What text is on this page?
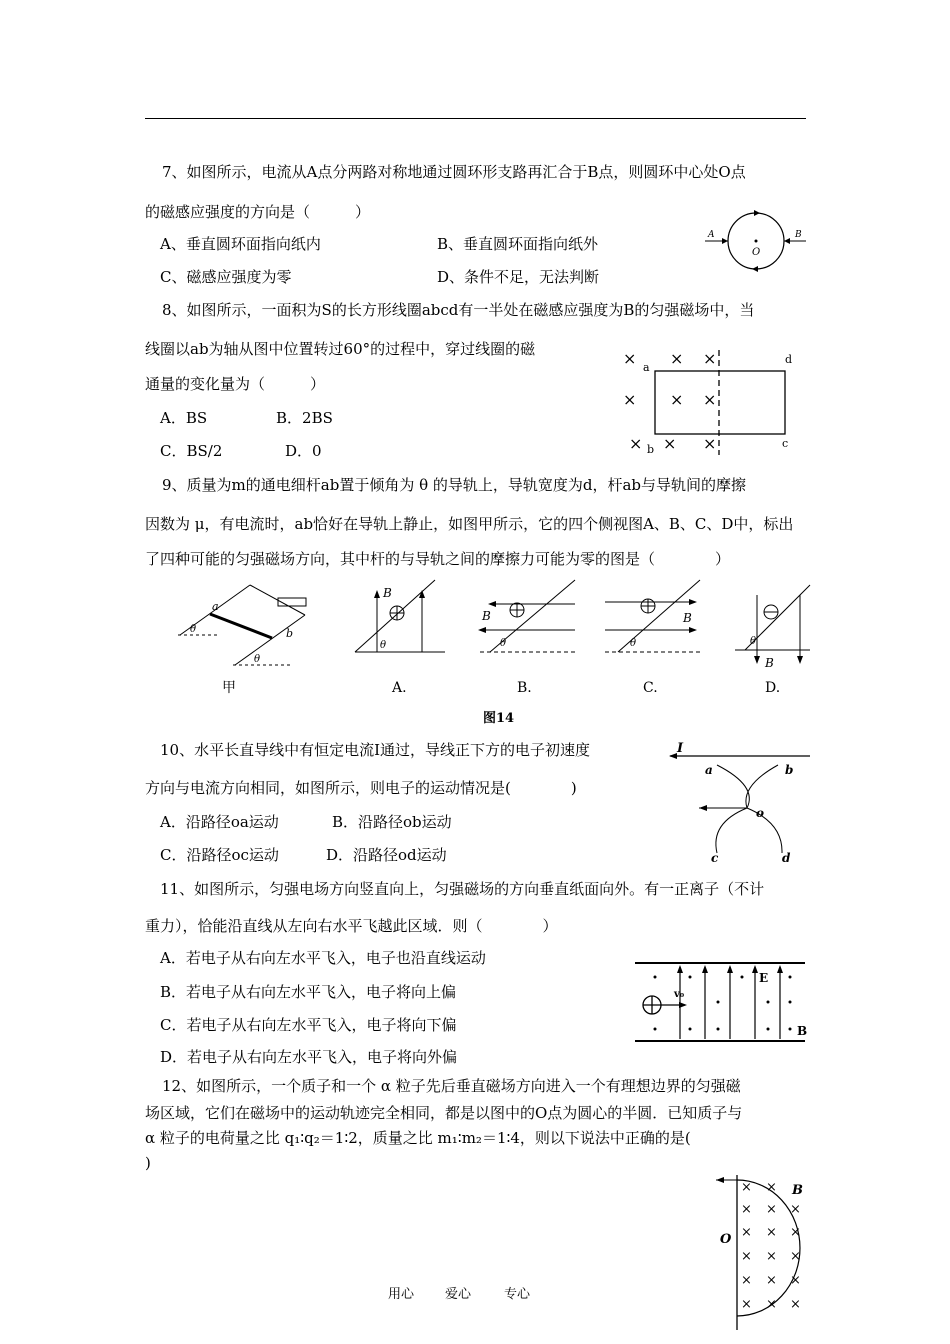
7、如图所示，电流从A点分两路对称地通过圆环形支路再汇合于B点，则圆环中心处O点
的磁感应强度的方向是（　　　）
A、垂直圆环面指向纸内	B、垂直圆环面指向纸外
C、磁感应强度为零	D、条件不足，无法判断
A	B
O
8、如图所示，一面积为S的长方形线圈abcd有一半处在磁感应强度为B的匀强磁场中，当
线圈以ab为轴从图中位置转过60°的过程中，穿过线圈的磁
通量的变化量为（　　　）
A．BS	B．2BS
C．BS/2	D．0
× × ×
× × ×
× × ×
a
b	c
d
9、质量为m的通电细杆ab置于倾角为 θ 的导轨上，导轨宽度为d，杆ab与导轨间的摩擦
因数为 μ，有电流时，ab恰好在导轨上静止，如图甲所示，它的四个侧视图A、B、C、D中，标出
了四种可能的匀强磁场方向，其中杆的与导轨之间的摩擦力可能为零的图是（　　　　）
a
b
θ
θ
甲
B
θ
A.
B
θ
B.
B
θ
C.
B
θ
D.
图14
10、水平长直导线中有恒定电流I通过，导线正下方的电子初速度
方向与电流方向相同，如图所示，则电子的运动情况是(　　　　)
A．沿路径oa运动	B．沿路径ob运动
C．沿路径oc运动	D．沿路径od运动
I
a	b
o
c	d
11、如图所示，匀强电场方向竖直向上，匀强磁场的方向垂直纸面向外。有一正离子（不计
重力），恰能沿直线从左向右水平飞越此区域．则（　　　　）
A．若电子从右向左水平飞入，电子也沿直线运动
B．若电子从右向左水平飞入，电子将向上偏
C．若电子从右向左水平飞入，电子将向下偏
D．若电子从右向左水平飞入，电子将向外偏
v₀
E
B
12、如图所示，一个质子和一个 α 粒子先后垂直磁场方向进入一个有理想边界的匀强磁
场区域，它们在磁场中的运动轨迹完全相同，都是以图中的O点为圆心的半圆．已知质子与
α 粒子的电荷量之比 q₁∶q₂＝1∶2，质量之比 m₁∶m₂＝1∶4，则以下说法中正确的是(
)
× ×
× × ×
× × ×
× × ×
× × ×
× × ×
B
O
用心 爱心	专心
